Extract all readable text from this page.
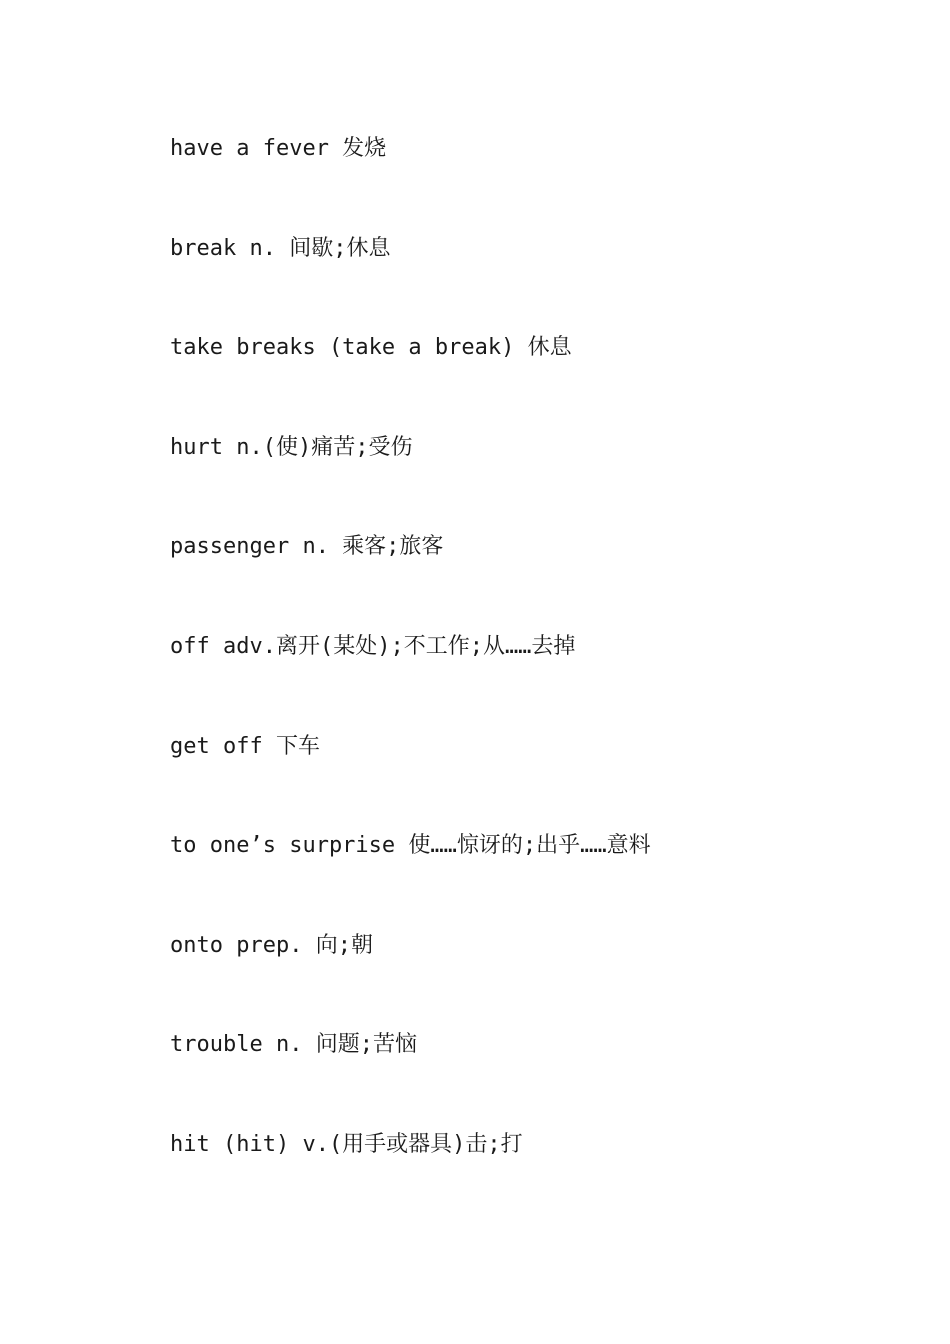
have a fever 发烧
break n. 间歇;休息
take breaks (take a break) 休息
hurt n.(使)痛苦;受伤
passenger n. 乘客;旅客
off adv.离开(某处);不工作;从……去掉
get off 下车
to one’s surprise 使……惊讶的;出乎……意料
onto prep. 向;朝
trouble n. 问题;苦恼
hit (hit) v.(用手或器具)击;打
